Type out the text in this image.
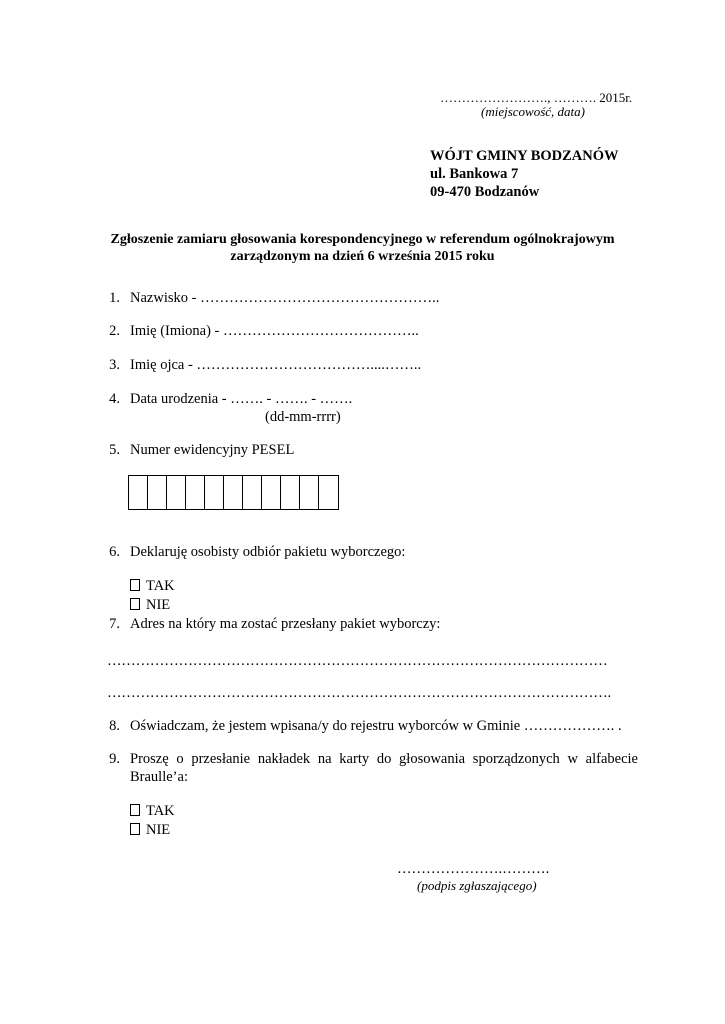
……………………., ………. 2015r.
(miejscowość, data)
WÓJT GMINY BODZANÓW
ul. Bankowa 7
09-470 Bodzanów
Zgłoszenie zamiaru głosowania korespondencyjnego w referendum ogólnokrajowym
zarządzonym na dzień 6 września 2015 roku
1. Nazwisko - …………………………………………..
2. Imię (Imiona) - …………………………………..
3. Imię ojca - ………………………………....……..
4. Data urodzenia - ……. - ……. - …….
(dd-mm-rrrr)
5. Numer ewidencyjny PESEL
6. Deklaruję osobisty odbiór pakietu wyborczego:
TAK
NIE
7. Adres na który ma zostać przesłany pakiet wyborczy:
……………………………………………………………………………………………
…………………………………………………………………………………………….
8. Oświadczam, że jestem wpisana/y do rejestru wyborców w Gminie ………………. .
9. Proszę o przesłanie nakładek na karty do głosowania sporządzonych w alfabecie
Braulle’a:
TAK
NIE
………………….……….
(podpis zgłaszającego)
